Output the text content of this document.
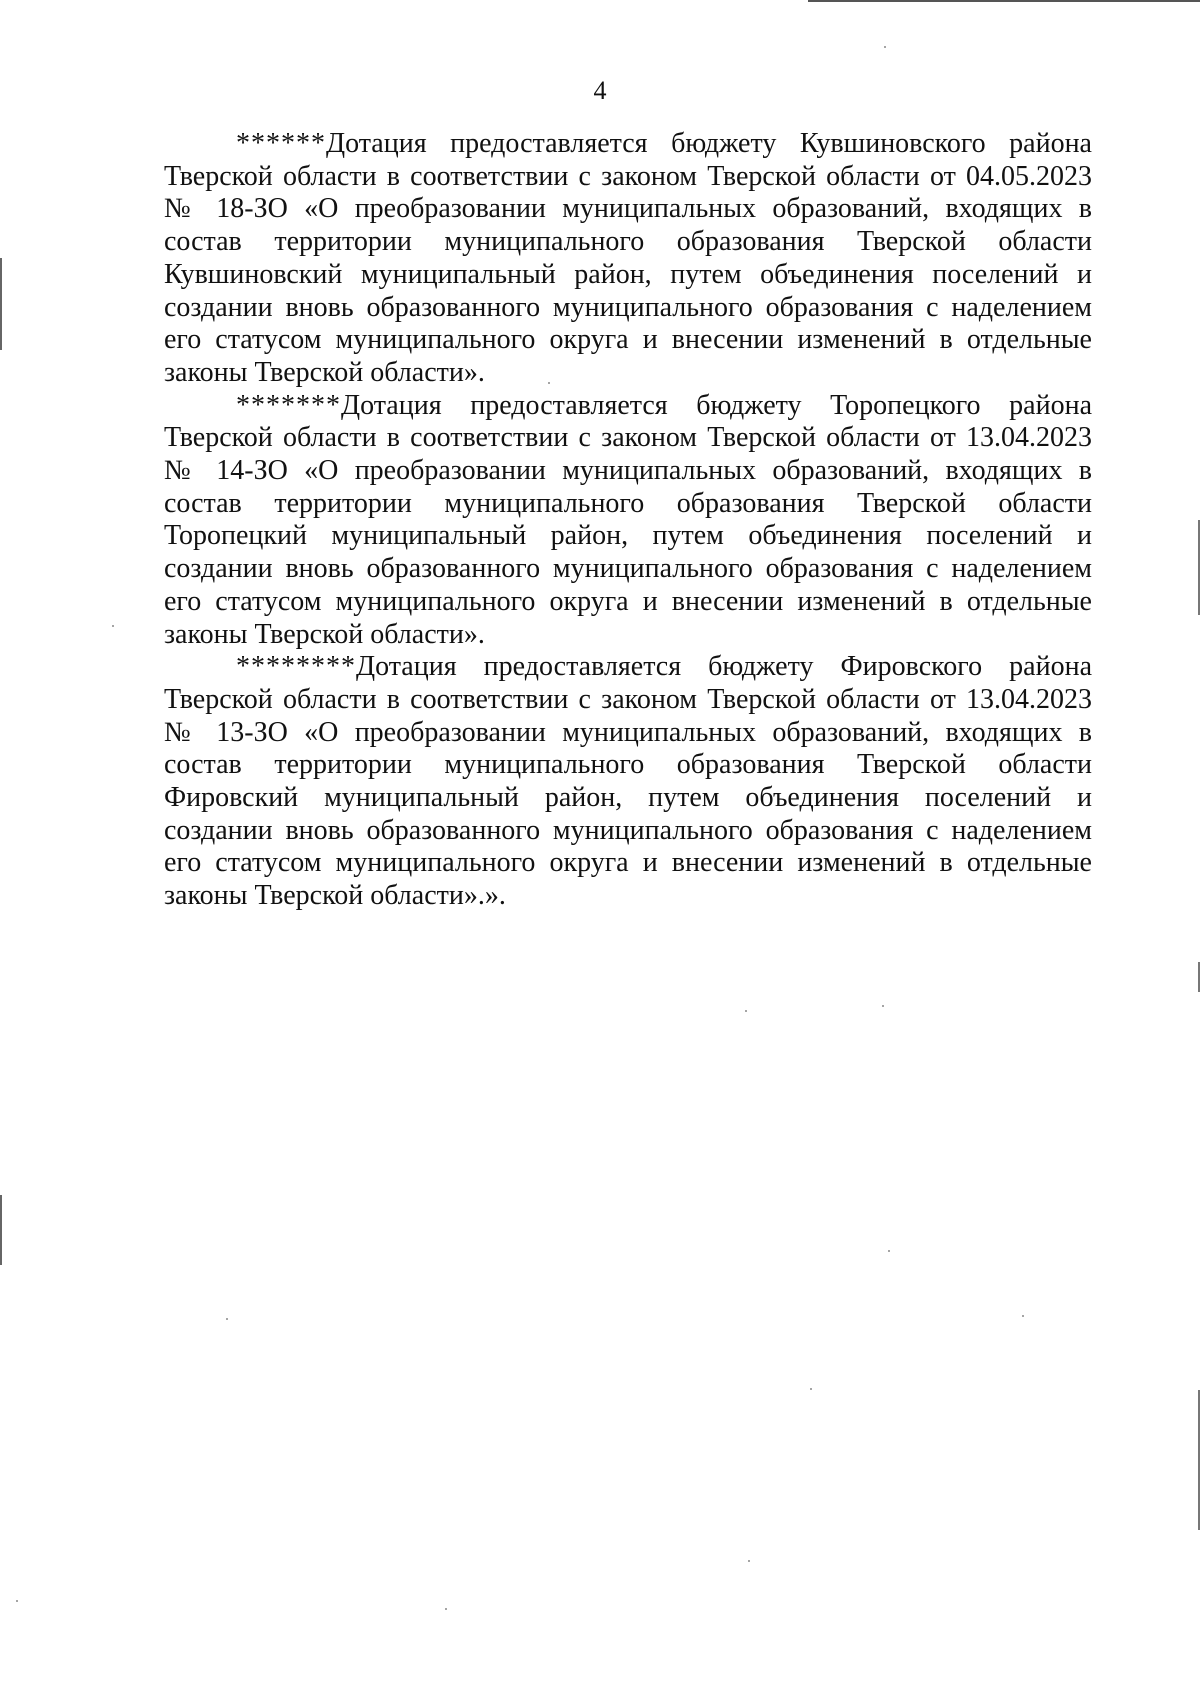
4

******Дотация предоставляется бюджету Кувшиновского района Тверской области в соответствии с законом Тверской области от 04.05.2023 № 18-ЗО «О преобразовании муниципальных образований, входящих в состав территории муниципального образования Тверской области Кувшиновский муниципальный район, путем объединения поселений и создании вновь образованного муниципального образования с наделением его статусом муниципального округа и внесении изменений в отдельные законы Тверской области».

*******Дотация предоставляется бюджету Торопецкого района Тверской области в соответствии с законом Тверской области от 13.04.2023 № 14-ЗО «О преобразовании муниципальных образований, входящих в состав территории муниципального образования Тверской области Торопецкий муниципальный район, путем объединения поселений и создании вновь образованного муниципального образования с наделением его статусом муниципального округа и внесении изменений в отдельные законы Тверской области».

********Дотация предоставляется бюджету Фировского района Тверской области в соответствии с законом Тверской области от 13.04.2023 № 13-ЗО «О преобразовании муниципальных образований, входящих в состав территории муниципального образования Тверской области Фировский муниципальный район, путем объединения поселений и создании вновь образованного муниципального образования с наделением его статусом муниципального округа и внесении изменений в отдельные законы Тверской области».».
